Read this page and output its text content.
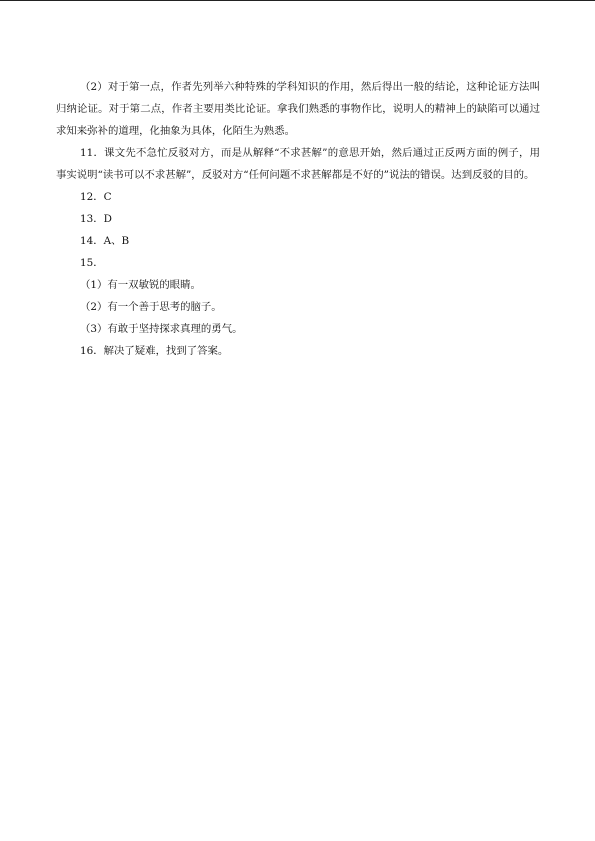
（2）对于第一点，作者先列举六种特殊的学科知识的作用，然后得出一般的结论，这种论证方法叫归纳论证。对于第二点，作者主要用类比论证。拿我们熟悉的事物作比，说明人的精神上的缺陷可以通过求知来弥补的道理，化抽象为具体，化陌生为熟悉。

11．课文先不急忙反驳对方，而是从解释“不求甚解”的意思开始，然后通过正反两方面的例子，用事实说明“读书可以不求甚解”，反驳对方“任何问题不求甚解都是不好的”说法的错误。达到反驳的目的。

12．C

13．D

14．A、B

15．

（1）有一双敏锐的眼睛。

（2）有一个善于思考的脑子。

（3）有敢于坚持探求真理的勇气。

16．解决了疑难，找到了答案。
